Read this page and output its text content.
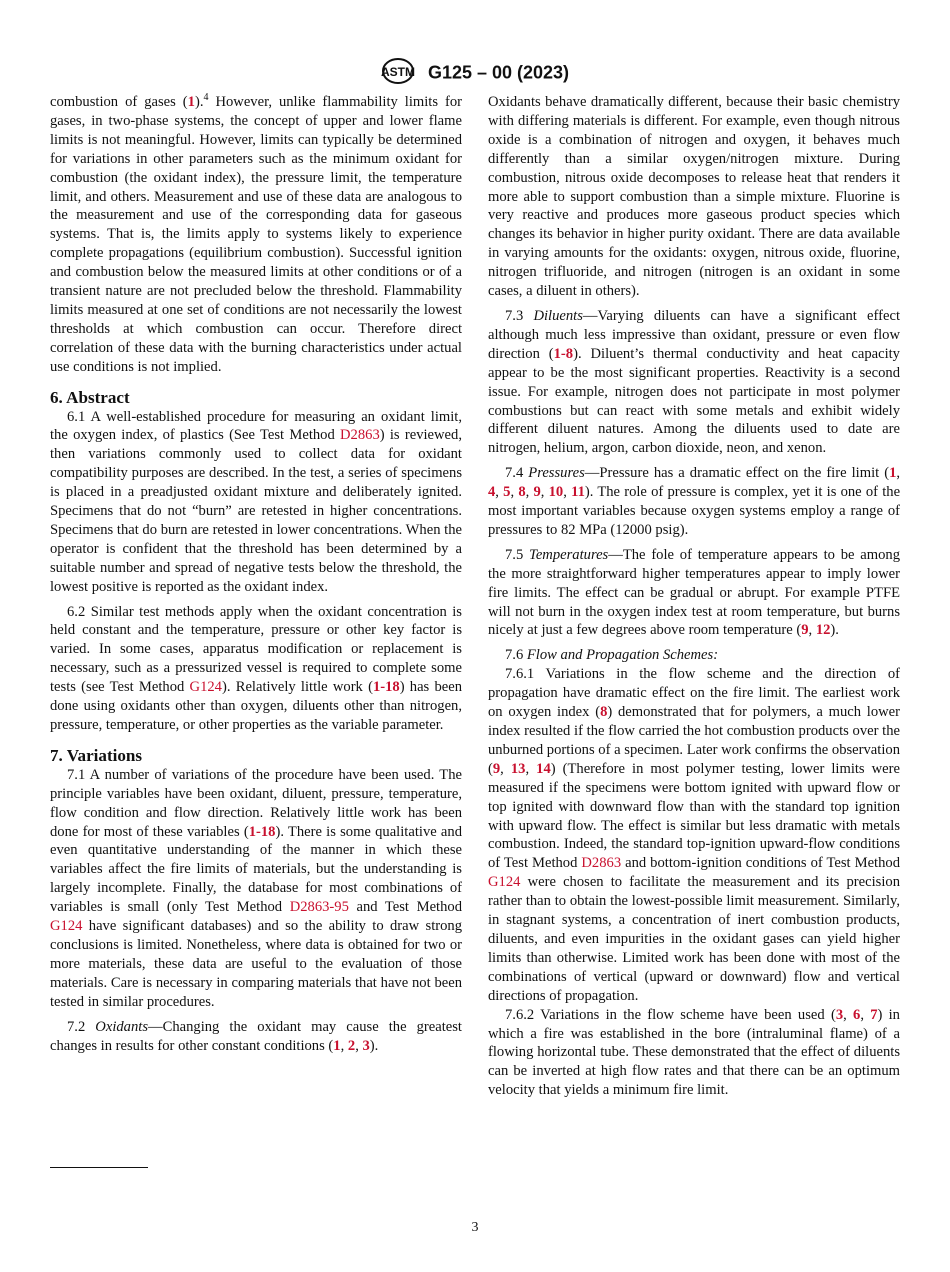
ASTM G125 – 00 (2023)

combustion of gases (1).$^4$ However, unlike flammability limits for gases, in two-phase systems, the concept of upper and lower flame limits is not meaningful. However, limits can typically be determined for variations in other parameters such as the minimum oxidant for combustion (the oxidant index), the pressure limit, the temperature limit, and others. Measurement and use of these data are analogous to the measurement and use of the corresponding data for gaseous systems. That is, the limits apply to systems likely to experience complete propagations (equilibrium combustion). Successful ignition and combustion below the measured limits at other conditions or of a transient nature are not precluded below the threshold. Flammability limits measured at one set of conditions are not necessarily the lowest thresholds at which combustion can occur. Therefore direct correlation of these data with the burning characteristics under actual use conditions is not implied.

6. Abstract

6.1 A well-established procedure for measuring an oxidant limit, the oxygen index, of plastics (See Test Method D2863) is reviewed, then variations commonly used to collect data for oxidant compatibility purposes are described. In the test, a series of specimens is placed in a preadjusted oxidant mixture and deliberately ignited. Specimens that do not “burn” are retested in higher concentrations. Specimens that do burn are retested in lower concentrations. When the operator is confident that the threshold has been determined by a suitable number and spread of negative tests below the threshold, the lowest positive is reported as the oxidant index.

6.2 Similar test methods apply when the oxidant concentration is held constant and the temperature, pressure or other key factor is varied. In some cases, apparatus modification or replacement is necessary, such as a pressurized vessel is required to complete some tests (see Test Method G124). Relatively little work (1-18) has been done using oxidants other than oxygen, diluents other than nitrogen, pressure, temperature, or other properties as the variable parameter.

7. Variations

7.1 A number of variations of the procedure have been used. The principle variables have been oxidant, diluent, pressure, temperature, flow condition and flow direction. Relatively little work has been done for most of these variables (1-18). There is some qualitative and even quantitative understanding of the manner in which these variables affect the fire limits of materials, but the understanding is largely incomplete. Finally, the database for most combinations of variables is small (only Test Method D2863-95 and Test Method G124 have significant databases) and so the ability to draw strong conclusions is limited. Nonetheless, where data is obtained for two or more materials, these data are useful to the evaluation of those materials. Care is necessary in comparing materials that have not been tested in similar procedures.

7.2 Oxidants—Changing the oxidant may cause the greatest changes in results for other constant conditions (1, 2, 3).

Oxidants behave dramatically different, because their basic chemistry with differing materials is different. For example, even though nitrous oxide is a combination of nitrogen and oxygen, it behaves much differently than a similar oxygen/nitrogen mixture. During combustion, nitrous oxide decomposes to release heat that renders it more able to support combustion than a simple mixture. Fluorine is very reactive and produces more gaseous product species which changes its behavior in higher purity oxidant. There are data available in varying amounts for the oxidants: oxygen, nitrous oxide, fluorine, nitrogen trifluoride, and nitrogen (nitrogen is an oxidant in some cases, a diluent in others).

7.3 Diluents—Varying diluents can have a significant effect although much less impressive than oxidant, pressure or even flow direction (1-8). Diluent’s thermal conductivity and heat capacity appear to be the most significant properties. Reactivity is a second issue. For example, nitrogen does not participate in most polymer combustions but can react with some metals and exhibit widely different diluent natures. Among the diluents used to date are nitrogen, helium, argon, carbon dioxide, neon, and xenon.

7.4 Pressures—Pressure has a dramatic effect on the fire limit (1, 4, 5, 8, 9, 10, 11). The role of pressure is complex, yet it is one of the most important variables because oxygen systems employ a range of pressures to 82 MPa (12000 psig).

7.5 Temperatures—The fole of temperature appears to be among the more straightforward higher temperatures appear to imply lower fire limits. The effect can be gradual or abrupt. For example PTFE will not burn in the oxygen index test at room temperature, but burns nicely at just a few degrees above room temperature (9, 12).

7.6 Flow and Propagation Schemes:

7.6.1 Variations in the flow scheme and the direction of propagation have dramatic effect on the fire limit. The earliest work on oxygen index (8) demonstrated that for polymers, a much lower index resulted if the flow carried the hot combustion products over the unburned portions of a specimen. Later work confirms the observation (9, 13, 14) (Therefore in most polymer testing, lower limits were measured if the specimens were bottom ignited with upward flow or top ignited with downward flow than with the standard top ignition with upward flow. The effect is similar but less dramatic with metals combustion. Indeed, the standard top-ignition upward-flow conditions of Test Method D2863 and bottom-ignition conditions of Test Method G124 were chosen to facilitate the measurement and its precision rather than to obtain the lowest-possible limit measurement. Similarly, in stagnant systems, a concentration of inert combustion products, diluents, and even impurities in the oxidant gases can yield higher limits than otherwise. Limited work has been done with most of the combinations of vertical (upward or downward) flow and vertical directions of propagation.

7.6.2 Variations in the flow scheme have been used (3, 6, 7) in which a fire was established in the bore (intraluminal flame) of a flowing horizontal tube. These demonstrated that the effect of diluents can be inverted at high flow rates and that there can be an optimum velocity that yields a minimum fire limit.

3
